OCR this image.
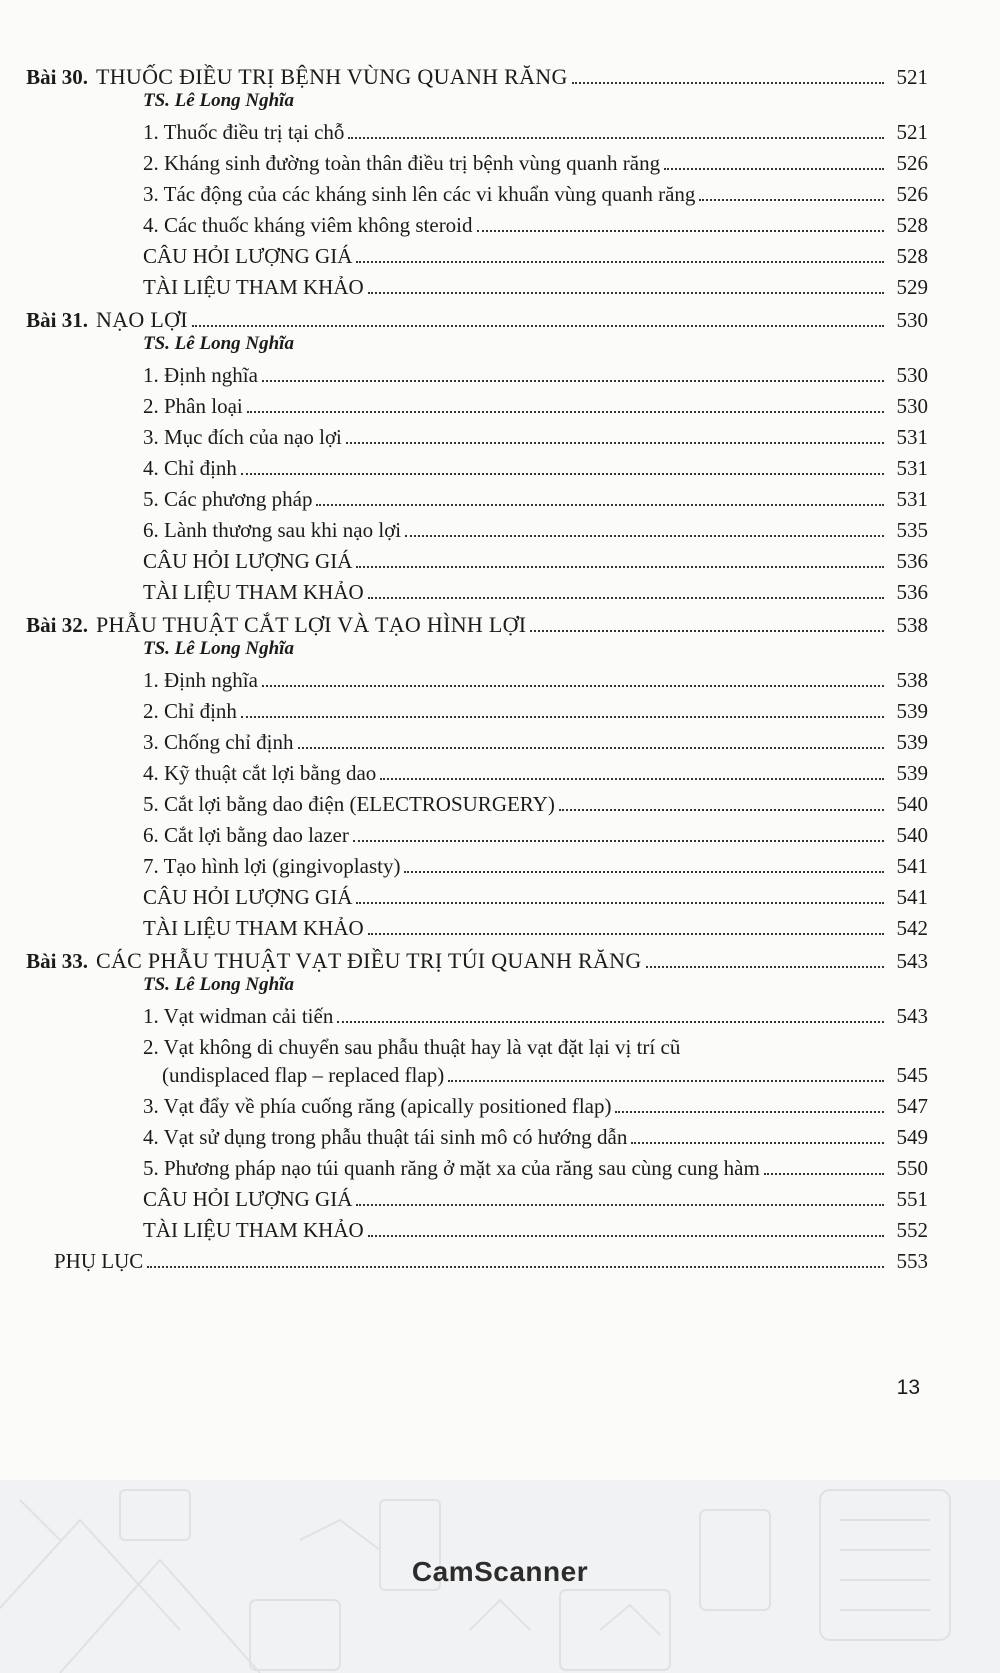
Bài 30. THUỐC ĐIỀU TRỊ BỆNH VÙNG QUANH RĂNG	521
TS. Lê Long Nghĩa
1. Thuốc điều trị tại chỗ	521
2. Kháng sinh đường toàn thân điều trị bệnh vùng quanh răng	526
3. Tác động của các kháng sinh lên các vi khuẩn vùng quanh răng	526
4. Các thuốc kháng viêm không steroid	528
CÂU HỎI LƯỢNG GIÁ	528
TÀI LIỆU THAM KHẢO	529
Bài 31. NẠO LỢI	530
TS. Lê Long Nghĩa
1. Định nghĩa	530
2. Phân loại	530
3. Mục đích của nạo lợi	531
4. Chỉ định	531
5. Các phương pháp	531
6. Lành thương sau khi nạo lợi	535
CÂU HỎI LƯỢNG GIÁ	536
TÀI LIỆU THAM KHẢO	536
Bài 32. PHẪU THUẬT CẮT LỢI VÀ TẠO HÌNH LỢI	538
TS. Lê Long Nghĩa
1. Định nghĩa	538
2. Chỉ định	539
3. Chống chỉ định	539
4. Kỹ thuật cắt lợi bằng dao	539
5. Cắt lợi bằng dao điện (ELECTROSURGERY)	540
6. Cắt lợi bằng dao lazer	540
7. Tạo hình lợi (gingivoplasty)	541
CÂU HỎI LƯỢNG GIÁ	541
TÀI LIỆU THAM KHẢO	542
Bài 33. CÁC PHẪU THUẬT VẠT ĐIỀU TRỊ TÚI QUANH RĂNG	543
TS. Lê Long Nghĩa
1. Vạt widman cải tiến	543
2. Vạt không di chuyển sau phẫu thuật hay là vạt đặt lại vị trí cũ
(undisplaced flap – replaced flap)	545
3. Vạt đẩy về phía cuống răng (apically positioned flap)	547
4. Vạt sử dụng trong phẫu thuật tái sinh mô có hướng dẫn	549
5. Phương pháp nạo túi quanh răng ở mặt xa của răng sau cùng cung hàm	550
CÂU HỎI LƯỢNG GIÁ	551
TÀI LIỆU THAM KHẢO	552
PHỤ LỤC	553
13
CamScanner
